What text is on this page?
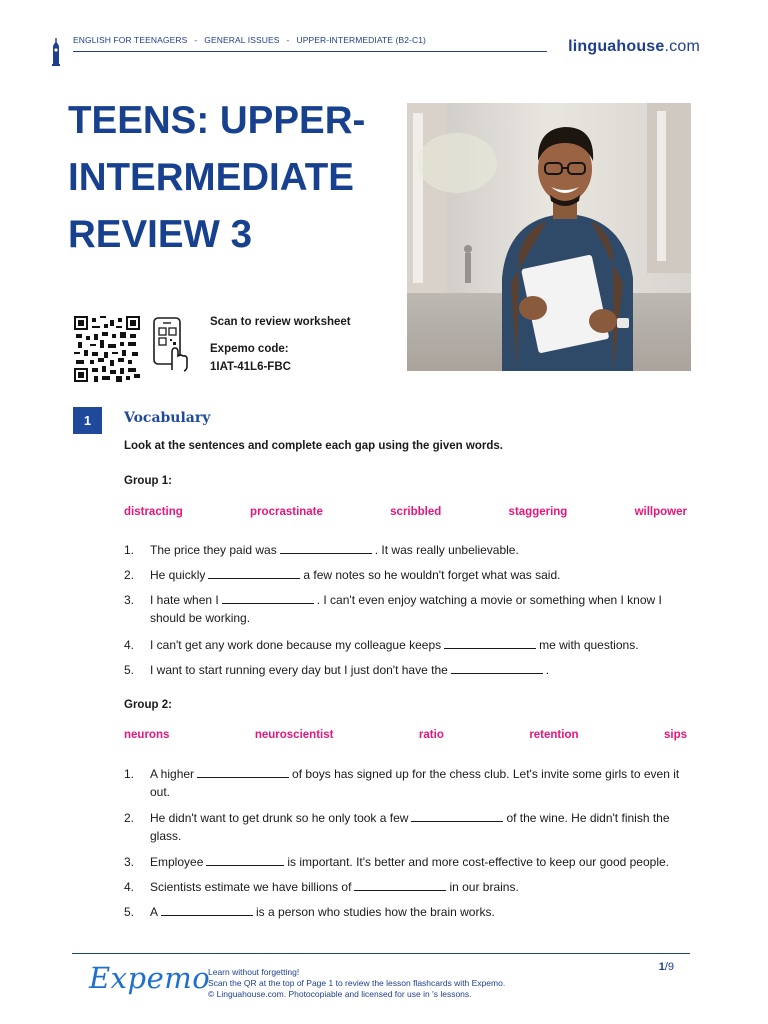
ENGLISH FOR TEENAGERS - GENERAL ISSUES - UPPER-INTERMEDIATE (B2-C1)	linguahouse.com
TEENS: UPPER-INTERMEDIATE REVIEW 3
Scan to review worksheet
Expemo code:
1IAT-41L6-FBC
1	Vocabulary
Look at the sentences and complete each gap using the given words.
Group 1:
distracting	procrastinate	scribbled	staggering	willpower
1. The price they paid was	. It was really unbelievable.
2. He quickly	a few notes so he wouldn't forget what was said.
3. I hate when I	. I can't even enjoy watching a movie or something when I know I should be working.
4. I can't get any work done because my colleague keeps	me with questions.
5. I want to start running every day but I just don't have the	.
Group 2:
neurons	neuroscientist	ratio	retention	sips
1. A higher	of boys has signed up for the chess club. Let's invite some girls to even it out.
2. He didn't want to get drunk so he only took a few	of the wine. He didn't finish the glass.
3. Employee	is important. It's better and more cost-effective to keep our good people.
4. Scientists estimate we have billions of	in our brains.
5. A	is a person who studies how the brain works.
Expemo
Learn without forgetting!
Scan the QR at the top of Page 1 to review the lesson flashcards with Expemo.
© Linguahouse.com. Photocopiable and licensed for use in 's lessons.
1/9
